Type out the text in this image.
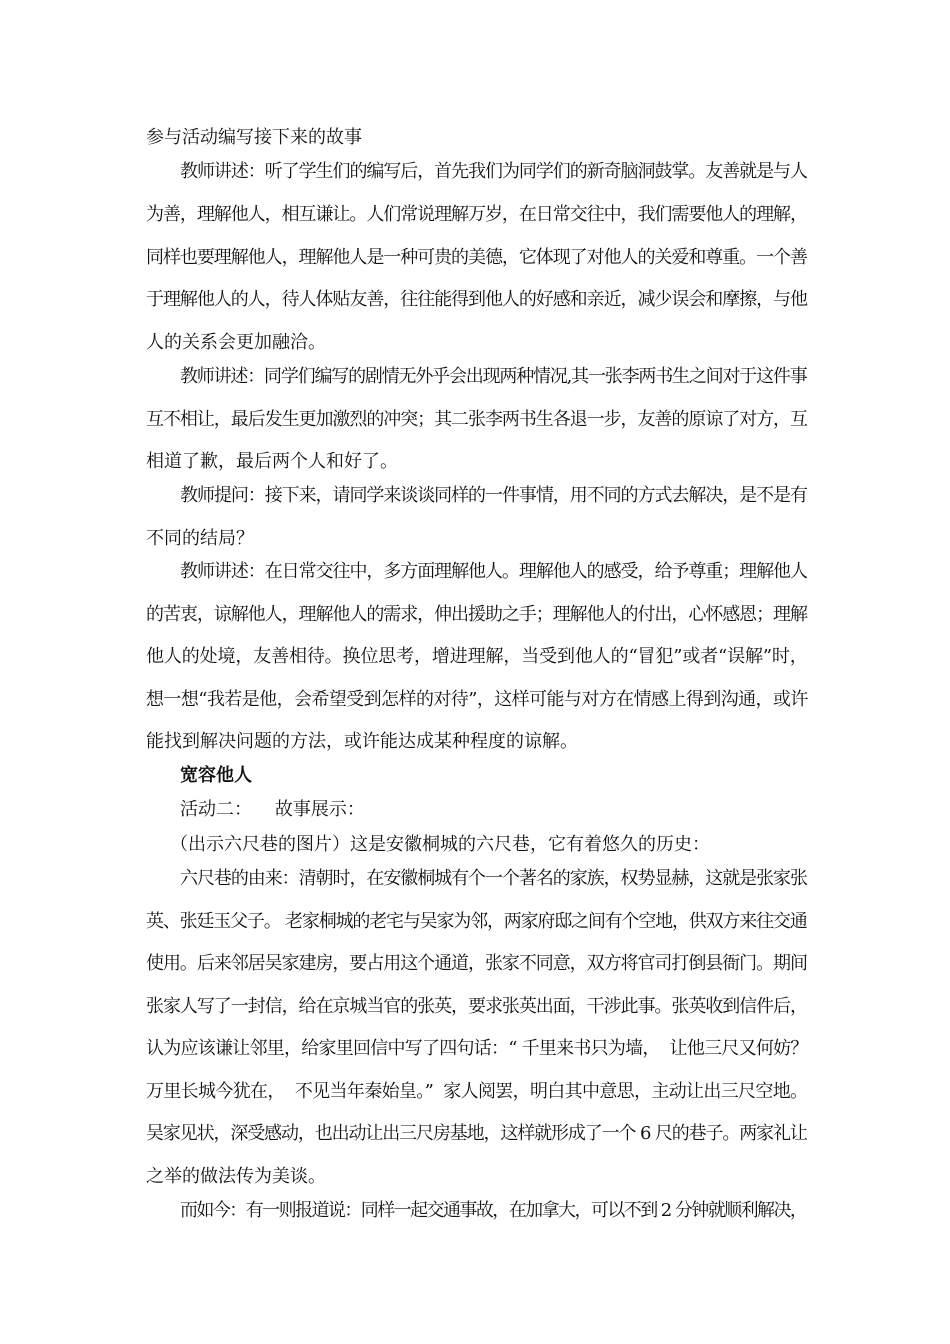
参与活动编写接下来的故事
教师讲述：听了学生们的编写后，首先我们为同学们的新奇脑洞鼓掌。友善就是与人
为善，理解他人，相互谦让。人们常说理解万岁，在日常交往中，我们需要他人的理解，
同样也要理解他人，理解他人是一种可贵的美德，它体现了对他人的关爱和尊重。一个善
于理解他人的人，待人体贴友善，往往能得到他人的好感和亲近，减少误会和摩擦，与他
人的关系会更加融洽。
教师讲述：同学们编写的剧情无外乎会出现两种情况,其一张李两书生之间对于这件事
互不相让，最后发生更加激烈的冲突；其二张李两书生各退一步，友善的原谅了对方，互
相道了歉，最后两个人和好了。
教师提问：接下来，请同学来谈谈同样的一件事情，用不同的方式去解决，是不是有
不同的结局？
教师讲述：在日常交往中，多方面理解他人。理解他人的感受，给予尊重；理解他人
的苦衷，谅解他人，理解他人的需求，伸出援助之手；理解他人的付出，心怀感恩；理解
他人的处境，友善相待。换位思考，增进理解，当受到他人的“冒犯”或者“误解”时，
想一想“我若是他，会希望受到怎样的对待”，这样可能与对方在情感上得到沟通，或许
能找到解决问题的方法，或许能达成某种程度的谅解。
宽容他人
活动二：    故事展示：
（出示六尺巷的图片）这是安徽桐城的六尺巷，它有着悠久的历史：
六尺巷的由来：清朝时，在安徽桐城有个一个著名的家族，权势显赫，这就是张家张
英、张廷玉父子。 老家桐城的老宅与吴家为邻，两家府邸之间有个空地，供双方来往交通
使用。后来邻居吴家建房，要占用这个通道，张家不同意，双方将官司打倒县衙门。期间
张家人写了一封信，给在京城当官的张英，要求张英出面，干涉此事。张英收到信件后，
认为应该谦让邻里，给家里回信中写了四句话：“ 千里来书只为墙，  让他三尺又何妨？
万里长城今犹在，  不见当年秦始皇。”  家人阅罢，明白其中意思，主动让出三尺空地。
吴家见状，深受感动，也出动让出三尺房基地，这样就形成了一个 6 尺的巷子。两家礼让
之举的做法传为美谈。
而如今：有一则报道说：同样一起交通事故，在加拿大，可以不到 2 分钟就顺利解决，
